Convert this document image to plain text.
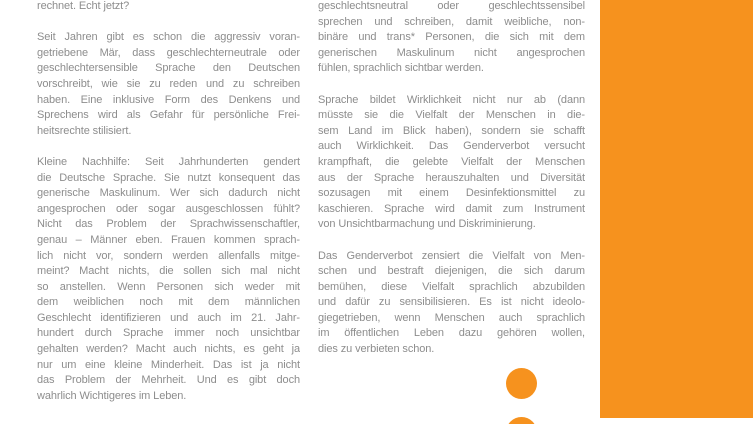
rechnet. Echt jetzt?
Seit Jahren gibt es schon die aggressiv voran-
getriebene Mär, dass geschlechterneutrale oder
geschlechtersensible Sprache den Deutschen
vorschreibt, wie sie zu reden und zu schreiben
haben. Eine inklusive Form des Denkens und
Sprechens wird als Gefahr für persönliche Frei-
heitsrechte stilisiert.
Kleine Nachhilfe: Seit Jahrhunderten gendert
die Deutsche Sprache. Sie nutzt konsequent das
generische Maskulinum. Wer sich dadurch nicht
angesprochen oder sogar ausgeschlossen fühlt?
Nicht das Problem der Sprachwissenschaftler,
genau – Männer eben. Frauen kommen sprach-
lich nicht vor, sondern werden allenfalls mitge-
meint? Macht nichts, die sollen sich mal nicht
so anstellen. Wenn Personen sich weder mit
dem weiblichen noch mit dem männlichen
Geschlecht identifizieren und auch im 21. Jahr-
hundert durch Sprache immer noch unsichtbar
gehalten werden? Macht auch nichts, es geht ja
nur um eine kleine Minderheit. Das ist ja nicht
das Problem der Mehrheit. Und es gibt doch
wahrlich Wichtigeres im Leben.
geschlechtsneutral oder geschlechtssensibel
sprechen und schreiben, damit weibliche, non-
binäre und trans* Personen, die sich mit dem
generischen Maskulinum nicht angesprochen
fühlen, sprachlich sichtbar werden.
Sprache bildet Wirklichkeit nicht nur ab (dann
müsste sie die Vielfalt der Menschen in die-
sem Land im Blick haben), sondern sie schafft
auch Wirklichkeit. Das Genderverbot versucht
krampfhaft, die gelebte Vielfalt der Menschen
aus der Sprache herauszuhalten und Diversität
sozusagen mit einem Desinfektionsmittel zu
kaschieren. Sprache wird damit zum Instrument
von Unsichtbarmachung und Diskriminierung.
Das Genderverbot zensiert die Vielfalt von Men-
schen und bestraft diejenigen, die sich darum
bemühen, diese Vielfalt sprachlich abzubilden
und dafür zu sensibilisieren. Es ist nicht ideolo-
giegetrieben, wenn Menschen auch sprachlich
im öffentlichen Leben dazu gehören wollen,
dies zu verbieten schon.
